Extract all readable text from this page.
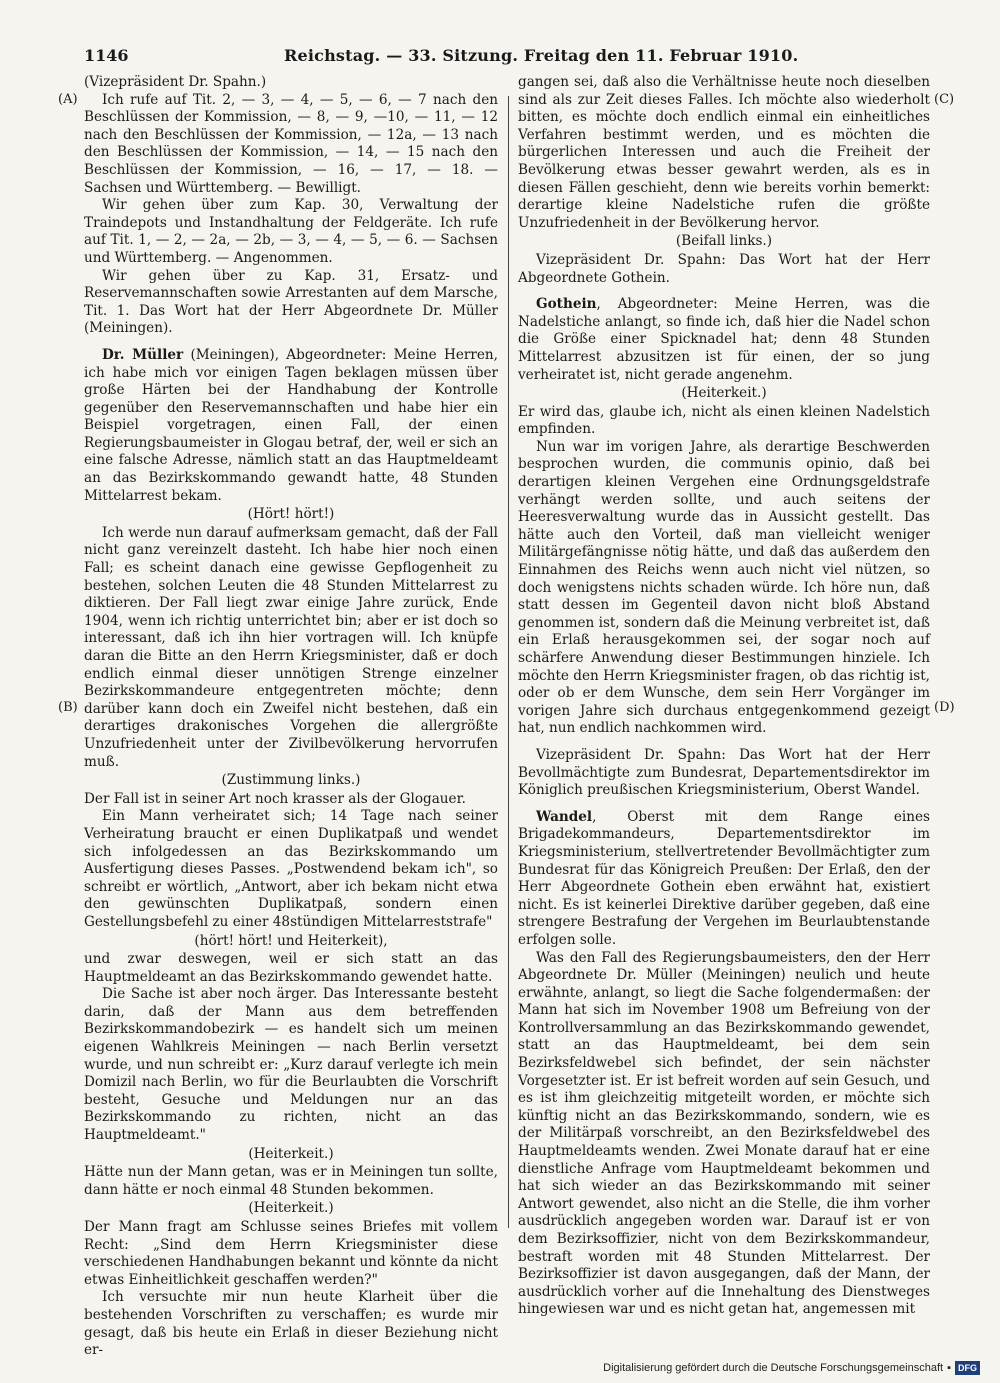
1146	Reichstag. — 33. Sitzung. Freitag den 11. Februar 1910.
(A)
(B)
(C)
(D)

(Vizepräsident Dr. Spahn.)

Ich rufe auf Tit. 2, — 3, — 4, — 5, — 6, — 7 nach den Beschlüssen der Kommission, — 8, — 9, —10, — 11, — 12 nach den Beschlüssen der Kommission, — 12a, — 13 nach den Beschlüssen der Kommission, — 14, — 15 nach den Beschlüssen der Kommission, — 16, — 17, — 18. — Sachsen und Württemberg. — Bewilligt.

Wir gehen über zum Kap. 30, Verwaltung der Traindepots und Instandhaltung der Feldgeräte. Ich rufe auf Tit. 1, — 2, — 2a, — 2b, — 3, — 4, — 5, — 6. — Sachsen und Württemberg. — Angenommen.

Wir gehen über zu Kap. 31, Ersatz- und Reservemannschaften sowie Arrestanten auf dem Marsche, Tit. 1. Das Wort hat der Herr Abgeordnete Dr. Müller (Meiningen).

Dr. Müller (Meiningen), Abgeordneter: Meine Herren, ich habe mich vor einigen Tagen beklagen müssen über große Härten bei der Handhabung der Kontrolle gegenüber den Reservemannschaften und habe hier ein Beispiel vorgetragen, einen Fall, der einen Regierungsbaumeister in Glogau betraf, der, weil er sich an eine falsche Adresse, nämlich statt an das Hauptmeldeamt an das Bezirkskommando gewandt hatte, 48 Stunden Mittelarrest bekam.

(Hört! hört!)

Ich werde nun darauf aufmerksam gemacht, daß der Fall nicht ganz vereinzelt dasteht. Ich habe hier noch einen Fall; es scheint danach eine gewisse Gepflogenheit zu bestehen, solchen Leuten die 48 Stunden Mittelarrest zu diktieren. Der Fall liegt zwar einige Jahre zurück, Ende 1904, wenn ich richtig unterrichtet bin; aber er ist doch so interessant, daß ich ihn hier vortragen will. Ich knüpfe daran die Bitte an den Herrn Kriegsminister, daß er doch endlich einmal dieser unnötigen Strenge einzelner Bezirkskommandeure entgegentreten möchte; denn darüber kann doch ein Zweifel nicht bestehen, daß ein derartiges drakonisches Vorgehen die allergrößte Unzufriedenheit unter der Zivilbevölkerung hervorrufen muß.

(Zustimmung links.)

Der Fall ist in seiner Art noch krasser als der Glogauer.

Ein Mann verheiratet sich; 14 Tage nach seiner Verheiratung braucht er einen Duplikatpaß und wendet sich infolgedessen an das Bezirkskommando um Ausfertigung dieses Passes. „Postwendend bekam ich", so schreibt er wörtlich, „Antwort, aber ich bekam nicht etwa den gewünschten Duplikatpaß, sondern einen Gestellungsbefehl zu einer 48stündigen Mittelarreststrafe"

(hört! hört! und Heiterkeit),

und zwar deswegen, weil er sich statt an das Hauptmeldeamt an das Bezirkskommando gewendet hatte.

Die Sache ist aber noch ärger. Das Interessante besteht darin, daß der Mann aus dem betreffenden Bezirkskommandobezirk — es handelt sich um meinen eigenen Wahlkreis Meiningen — nach Berlin versetzt wurde, und nun schreibt er: „Kurz darauf verlegte ich mein Domizil nach Berlin, wo für die Beurlaubten die Vorschrift besteht, Gesuche und Meldungen nur an das Bezirkskommando zu richten, nicht an das Hauptmeldeamt."

(Heiterkeit.)

Hätte nun der Mann getan, was er in Meiningen tun sollte, dann hätte er noch einmal 48 Stunden bekommen.

(Heiterkeit.)

Der Mann fragt am Schlusse seines Briefes mit vollem Recht: „Sind dem Herrn Kriegsminister diese verschiedenen Handhabungen bekannt und könnte da nicht etwas Einheitlichkeit geschaffen werden?"

Ich versuchte mir nun heute Klarheit über die bestehenden Vorschriften zu verschaffen; es wurde mir gesagt, daß bis heute ein Erlaß in dieser Beziehung nicht er-

gangen sei, daß also die Verhältnisse heute noch dieselben sind als zur Zeit dieses Falles. Ich möchte also wiederholt bitten, es möchte doch endlich einmal ein einheitliches Verfahren bestimmt werden, und es möchten die bürgerlichen Interessen und auch die Freiheit der Bevölkerung etwas besser gewahrt werden, als es in diesen Fällen geschieht, denn wie bereits vorhin bemerkt: derartige kleine Nadelstiche rufen die größte Unzufriedenheit in der Bevölkerung hervor.

(Beifall links.)

Vizepräsident Dr. Spahn: Das Wort hat der Herr Abgeordnete Gothein.

Gothein, Abgeordneter: Meine Herren, was die Nadelstiche anlangt, so finde ich, daß hier die Nadel schon die Größe einer Spicknadel hat; denn 48 Stunden Mittelarrest abzusitzen ist für einen, der so jung verheiratet ist, nicht gerade angenehm.

(Heiterkeit.)

Er wird das, glaube ich, nicht als einen kleinen Nadelstich empfinden.

Nun war im vorigen Jahre, als derartige Beschwerden besprochen wurden, die communis opinio, daß bei derartigen kleinen Vergehen eine Ordnungsgeldstrafe verhängt werden sollte, und auch seitens der Heeresverwaltung wurde das in Aussicht gestellt. Das hätte auch den Vorteil, daß man vielleicht weniger Militärgefängnisse nötig hätte, und daß das außerdem den Einnahmen des Reichs wenn auch nicht viel nützen, so doch wenigstens nichts schaden würde. Ich höre nun, daß statt dessen im Gegenteil davon nicht bloß Abstand genommen ist, sondern daß die Meinung verbreitet ist, daß ein Erlaß herausgekommen sei, der sogar noch auf schärfere Anwendung dieser Bestimmungen hinziele. Ich möchte den Herrn Kriegsminister fragen, ob das richtig ist, oder ob er dem Wunsche, dem sein Herr Vorgänger im vorigen Jahre sich durchaus entgegenkommend gezeigt hat, nun endlich nachkommen wird.

Vizepräsident Dr. Spahn: Das Wort hat der Herr Bevollmächtigte zum Bundesrat, Departementsdirektor im Königlich preußischen Kriegsministerium, Oberst Wandel.

Wandel, Oberst mit dem Range eines Brigadekommandeurs, Departementsdirektor im Kriegsministerium, stellvertretender Bevollmächtigter zum Bundesrat für das Königreich Preußen: Der Erlaß, den der Herr Abgeordnete Gothein eben erwähnt hat, existiert nicht. Es ist keinerlei Direktive darüber gegeben, daß eine strengere Bestrafung der Vergehen im Beurlaubtenstande erfolgen solle.

Was den Fall des Regierungsbaumeisters, den der Herr Abgeordnete Dr. Müller (Meiningen) neulich und heute erwähnte, anlangt, so liegt die Sache folgendermaßen: der Mann hat sich im November 1908 um Befreiung von der Kontrollversammlung an das Bezirkskommando gewendet, statt an das Hauptmeldeamt, bei dem sein Bezirksfeldwebel sich befindet, der sein nächster Vorgesetzter ist. Er ist befreit worden auf sein Gesuch, und es ist ihm gleichzeitig mitgeteilt worden, er möchte sich künftig nicht an das Bezirkskommando, sondern, wie es der Militärpaß vorschreibt, an den Bezirksfeldwebel des Hauptmeldeamts wenden. Zwei Monate darauf hat er eine dienstliche Anfrage vom Hauptmeldeamt bekommen und hat sich wieder an das Bezirkskommando mit seiner Antwort gewendet, also nicht an die Stelle, die ihm vorher ausdrücklich angegeben worden war. Darauf ist er von dem Bezirksoffizier, nicht von dem Bezirkskommandeur, bestraft worden mit 48 Stunden Mittelarrest. Der Bezirksoffizier ist davon ausgegangen, daß der Mann, der ausdrücklich vorher auf die Innehaltung des Dienstweges hingewiesen war und es nicht getan hat, angemessen mit

Digitalisierung gefördert durch die Deutsche Forschungsgemeinschaft ▪ DFG
